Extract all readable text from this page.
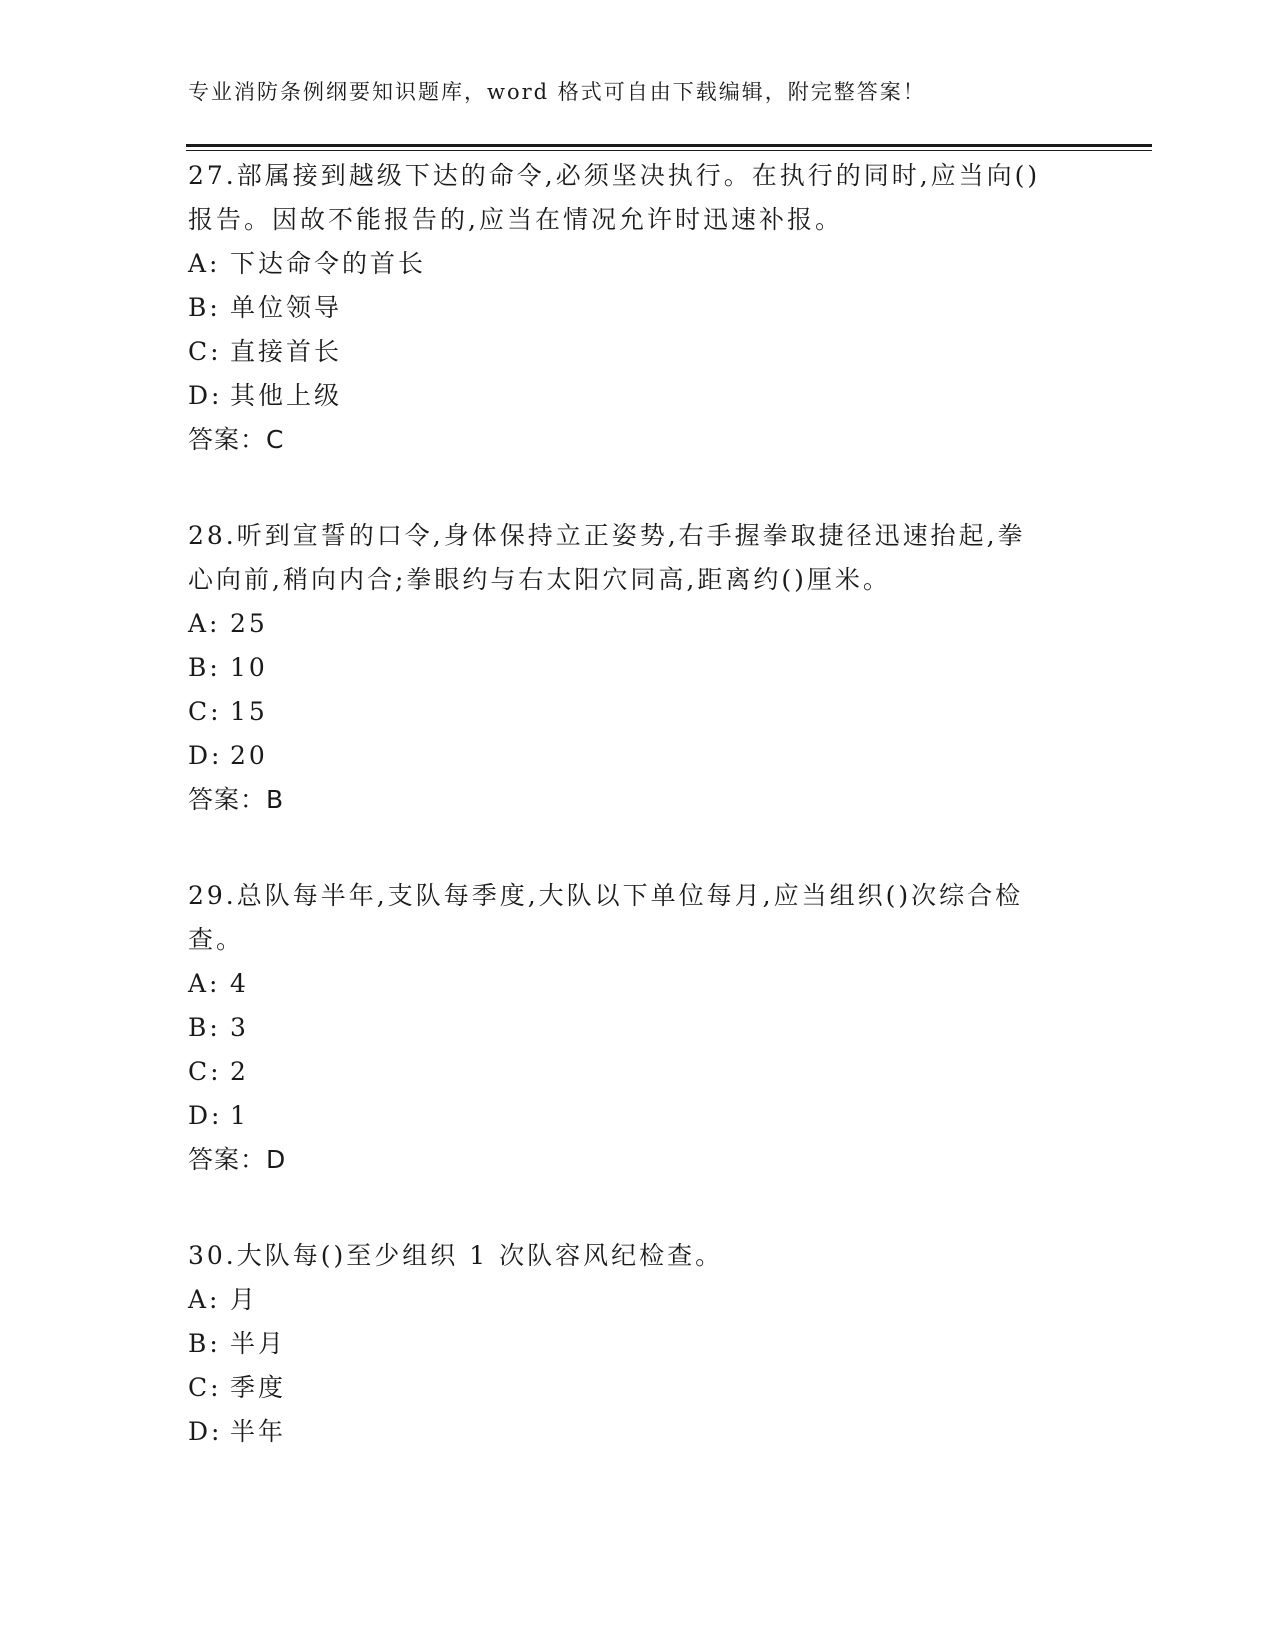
专业消防条例纲要知识题库，word 格式可自由下载编辑，附完整答案！
27.部属接到越级下达的命令,必须坚决执行。在执行的同时,应当向()
报告。因故不能报告的,应当在情况允许时迅速补报。
A: 下达命令的首长
B: 单位领导
C: 直接首长
D: 其他上级
答案：C
28.听到宣誓的口令,身体保持立正姿势,右手握拳取捷径迅速抬起,拳
心向前,稍向内合;拳眼约与右太阳穴同高,距离约()厘米。
A: 25
B: 10
C: 15
D: 20
答案：B
29.总队每半年,支队每季度,大队以下单位每月,应当组织()次综合检
查。
A: 4
B: 3
C: 2
D: 1
答案：D
30.大队每()至少组织 1 次队容风纪检查。
A: 月
B: 半月
C: 季度
D: 半年
